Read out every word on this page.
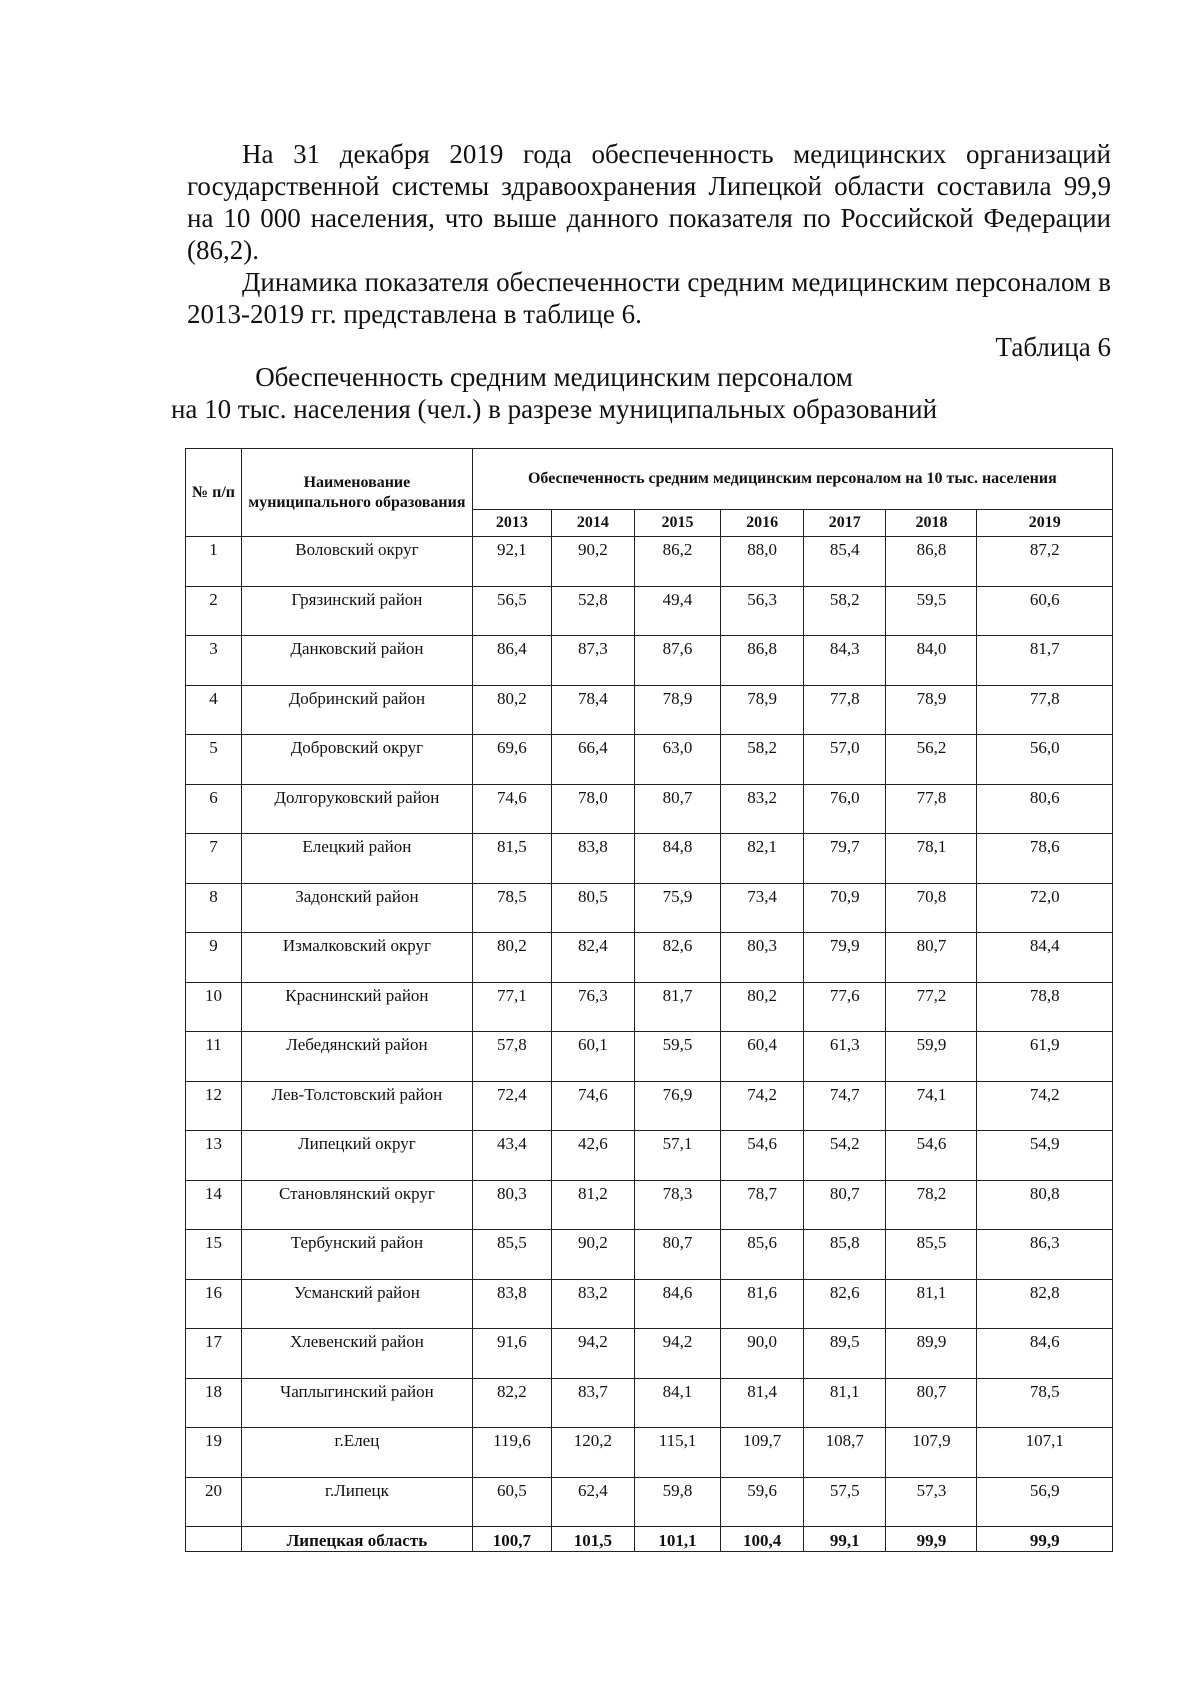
На 31 декабря 2019 года обеспеченность медицинских организаций государственной системы здравоохранения Липецкой области составила 99,9 на 10 000 населения, что выше данного показателя по Российской Федерации (86,2).

Динамика показателя обеспеченности средним медицинским персоналом в 2013-2019 гг. представлена в таблице 6.

Таблица 6
Обеспеченность средним медицинским персоналом
на 10 тыс. населения (чел.) в разрезе муниципальных образований
№ п/п	Наименование муниципального образования	Обеспеченность средним медицинским персоналом на 10 тыс. населения						
		2013	2014	2015	2016	2017	2018	2019
1	Воловский округ	92,1	90,2	86,2	88,0	85,4	86,8	87,2
2	Грязинский район	56,5	52,8	49,4	56,3	58,2	59,5	60,6
3	Данковский район	86,4	87,3	87,6	86,8	84,3	84,0	81,7
4	Добринский район	80,2	78,4	78,9	78,9	77,8	78,9	77,8
5	Добровский округ	69,6	66,4	63,0	58,2	57,0	56,2	56,0
6	Долгоруковский район	74,6	78,0	80,7	83,2	76,0	77,8	80,6
7	Елецкий район	81,5	83,8	84,8	82,1	79,7	78,1	78,6
8	Задонский район	78,5	80,5	75,9	73,4	70,9	70,8	72,0
9	Измалковский округ	80,2	82,4	82,6	80,3	79,9	80,7	84,4
10	Краснинский район	77,1	76,3	81,7	80,2	77,6	77,2	78,8
11	Лебедянский район	57,8	60,1	59,5	60,4	61,3	59,9	61,9
12	Лев-Толстовский район	72,4	74,6	76,9	74,2	74,7	74,1	74,2
13	Липецкий округ	43,4	42,6	57,1	54,6	54,2	54,6	54,9
14	Становлянский округ	80,3	81,2	78,3	78,7	80,7	78,2	80,8
15	Тербунский район	85,5	90,2	80,7	85,6	85,8	85,5	86,3
16	Усманский район	83,8	83,2	84,6	81,6	82,6	81,1	82,8
17	Хлевенский район	91,6	94,2	94,2	90,0	89,5	89,9	84,6
18	Чаплыгинский район	82,2	83,7	84,1	81,4	81,1	80,7	78,5
19	г.Елец	119,6	120,2	115,1	109,7	108,7	107,9	107,1
20	г.Липецк	60,5	62,4	59,8	59,6	57,5	57,3	56,9
	Липецкая область	100,7	101,5	101,1	100,4	99,1	99,9	99,9
